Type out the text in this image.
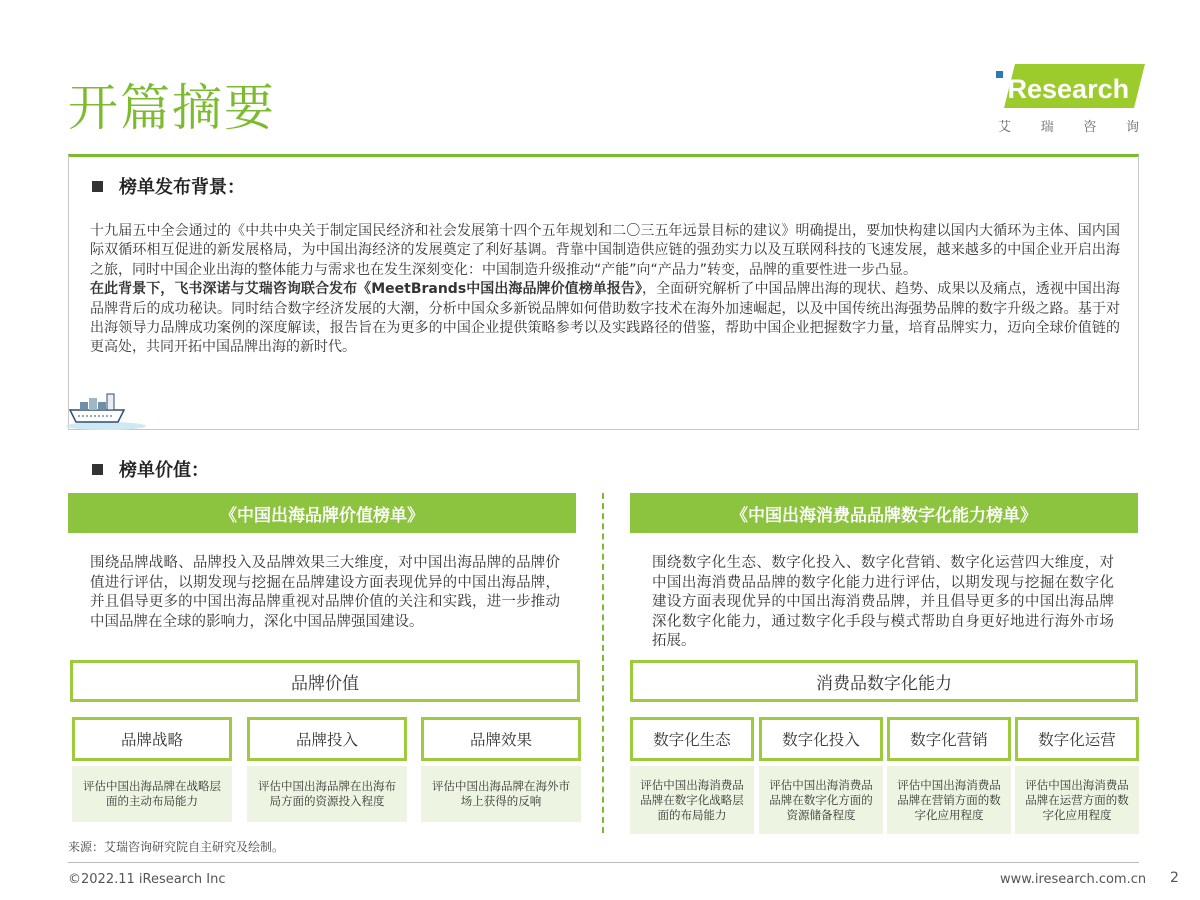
开篇摘要	iResearch
艾 瑞 咨 询
榜单发布背景：
十九届五中全会通过的《中共中央关于制定国民经济和社会发展第十四个五年规划和二〇三五年远景目标的建议》明确提出，要加快构建以国内大循环为主体、国内国际双循环相互促进的新发展格局，为中国出海经济的发展奠定了利好基调。背靠中国制造供应链的强劲实力以及互联网科技的飞速发展，越来越多的中国企业开启出海之旅，同时中国企业出海的整体能力与需求也在发生深刻变化：中国制造升级推动“产能”向“产品力”转变，品牌的重要性进一步凸显。
在此背景下，飞书深诺与艾瑞咨询联合发布《MeetBrands中国出海品牌价值榜单报告》，全面研究解析了中国品牌出海的现状、趋势、成果以及痛点，透视中国出海品牌背后的成功秘诀。同时结合数字经济发展的大潮，分析中国众多新锐品牌如何借助数字技术在海外加速崛起，以及中国传统出海强势品牌的数字升级之路。基于对出海领导力品牌成功案例的深度解读，报告旨在为更多的中国企业提供策略参考以及实践路径的借鉴，帮助中国企业把握数字力量，培育品牌实力，迈向全球价值链的更高处，共同开拓中国品牌出海的新时代。
榜单价值：
《中国出海品牌价值榜单》
围绕品牌战略、品牌投入及品牌效果三大维度，对中国出海品牌的品牌价值进行评估，以期发现与挖掘在品牌建设方面表现优异的中国出海品牌，并且倡导更多的中国出海品牌重视对品牌价值的关注和实践，进一步推动中国品牌在全球的影响力，深化中国品牌强国建设。
品牌价值
品牌战略	品牌投入	品牌效果
评估中国出海品牌在战略层面的主动布局能力
评估中国出海品牌在出海布局方面的资源投入程度
评估中国出海品牌在海外市场上获得的反响
《中国出海消费品品牌数字化能力榜单》
围绕数字化生态、数字化投入、数字化营销、数字化运营四大维度，对中国出海消费品品牌的数字化能力进行评估，以期发现与挖掘在数字化建设方面表现优异的中国出海消费品牌，并且倡导更多的中国出海品牌深化数字化能力，通过数字化手段与模式帮助自身更好地进行海外市场拓展。
消费品数字化能力
数字化生态	数字化投入	数字化营销	数字化运营
评估中国出海消费品品牌在数字化战略层面的布局能力
评估中国出海消费品品牌在数字化方面的资源储备程度
评估中国出海消费品品牌在营销方面的数字化应用程度
评估中国出海消费品品牌在运营方面的数字化应用程度
来源：艾瑞咨询研究院自主研究及绘制。
©2022.11 iResearch Inc	www.iresearch.com.cn 2
